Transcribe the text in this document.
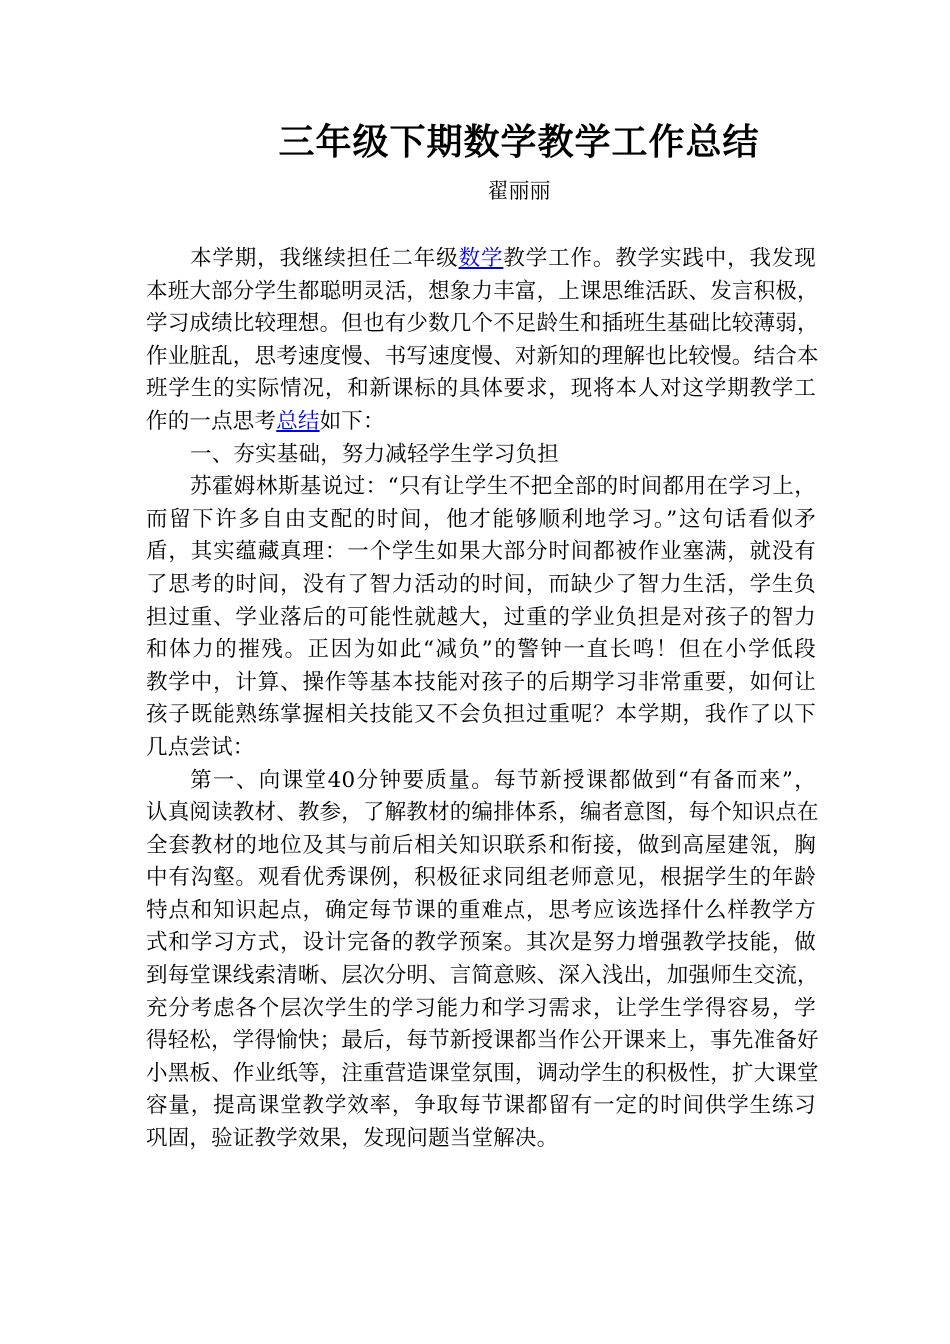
三年级下期数学教学工作总结
翟丽丽
本学期，我继续担任二年级数学教学工作。教学实践中，我发现
本班大部分学生都聪明灵活，想象力丰富，上课思维活跃、发言积极，
学习成绩比较理想。但也有少数几个不足龄生和插班生基础比较薄弱，
作业脏乱，思考速度慢、书写速度慢、对新知的理解也比较慢。结合本
班学生的实际情况，和新课标的具体要求，现将本人对这学期教学工
作的一点思考总结如下：
一、夯实基础，努力减轻学生学习负担
苏霍姆林斯基说过：“只有让学生不把全部的时间都用在学习上，
而留下许多自由支配的时间，他才能够顺利地学习。”这句话看似矛
盾，其实蕴藏真理：一个学生如果大部分时间都被作业塞满，就没有
了思考的时间，没有了智力活动的时间，而缺少了智力生活，学生负
担过重、学业落后的可能性就越大，过重的学业负担是对孩子的智力
和体力的摧残。正因为如此“减负”的警钟一直长鸣！但在小学低段
教学中，计算、操作等基本技能对孩子的后期学习非常重要，如何让
孩子既能熟练掌握相关技能又不会负担过重呢？本学期，我作了以下
几点尝试：
第一、向课堂40分钟要质量。每节新授课都做到“有备而来”，
认真阅读教材、教参，了解教材的编排体系，编者意图，每个知识点在
全套教材的地位及其与前后相关知识联系和衔接，做到高屋建瓴，胸
中有沟壑。观看优秀课例，积极征求同组老师意见，根据学生的年龄
特点和知识起点，确定每节课的重难点，思考应该选择什么样教学方
式和学习方式，设计完备的教学预案。其次是努力增强教学技能，做
到每堂课线索清晰、层次分明、言简意赅、深入浅出，加强师生交流，
充分考虑各个层次学生的学习能力和学习需求，让学生学得容易，学
得轻松，学得愉快；最后，每节新授课都当作公开课来上，事先准备好
小黑板、作业纸等，注重营造课堂氛围，调动学生的积极性，扩大课堂
容量，提高课堂教学效率，争取每节课都留有一定的时间供学生练习
巩固，验证教学效果，发现问题当堂解决。
